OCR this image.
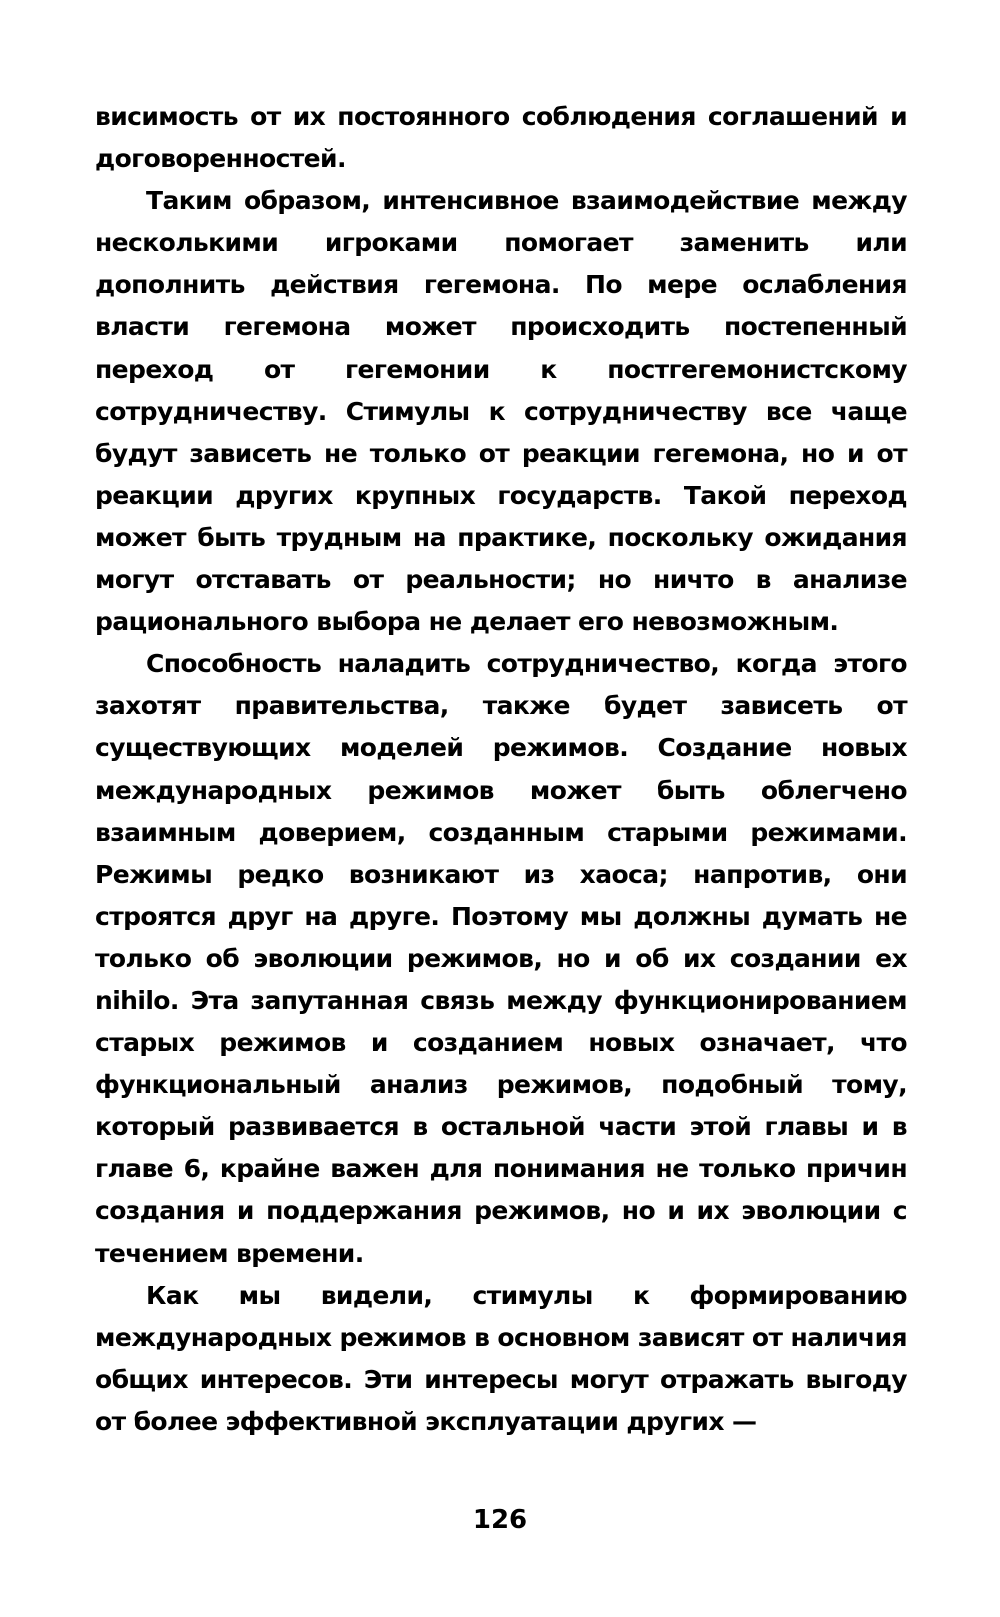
висимость от их постоянного соблюдения соглашений и договоренностей.

Таким образом, интенсивное взаимодействие между несколькими игроками помогает заменить или дополнить действия гегемона. По мере ослабления власти гегемона может происходить постепенный переход от гегемонии к постгегемонистскому сотрудничеству. Стимулы к сотрудничеству все чаще будут зависеть не только от реакции гегемона, но и от реакции других крупных государств. Такой переход может быть трудным на практике, поскольку ожидания могут отставать от реальности; но ничто в анализе рационального выбора не делает его невозможным.

Способность наладить сотрудничество, когда этого захотят правительства, также будет зависеть от существующих моделей режимов. Создание новых международных режимов может быть облегчено взаимным доверием, созданным старыми режимами. Режимы редко возникают из хаоса; напротив, они строятся друг на друге. Поэтому мы должны думать не только об эволюции режимов, но и об их создании ex nihilo. Эта запутанная связь между функционированием старых режимов и созданием новых означает, что функциональный анализ режимов, подобный тому, который развивается в остальной части этой главы и в главе 6, крайне важен для понимания не только причин создания и поддержания режимов, но и их эволюции с течением времени.

Как мы видели, стимулы к формированию международных режимов в основном зависят от наличия общих интересов. Эти интересы могут отражать выгоду от более эффективной эксплуатации других —

126
